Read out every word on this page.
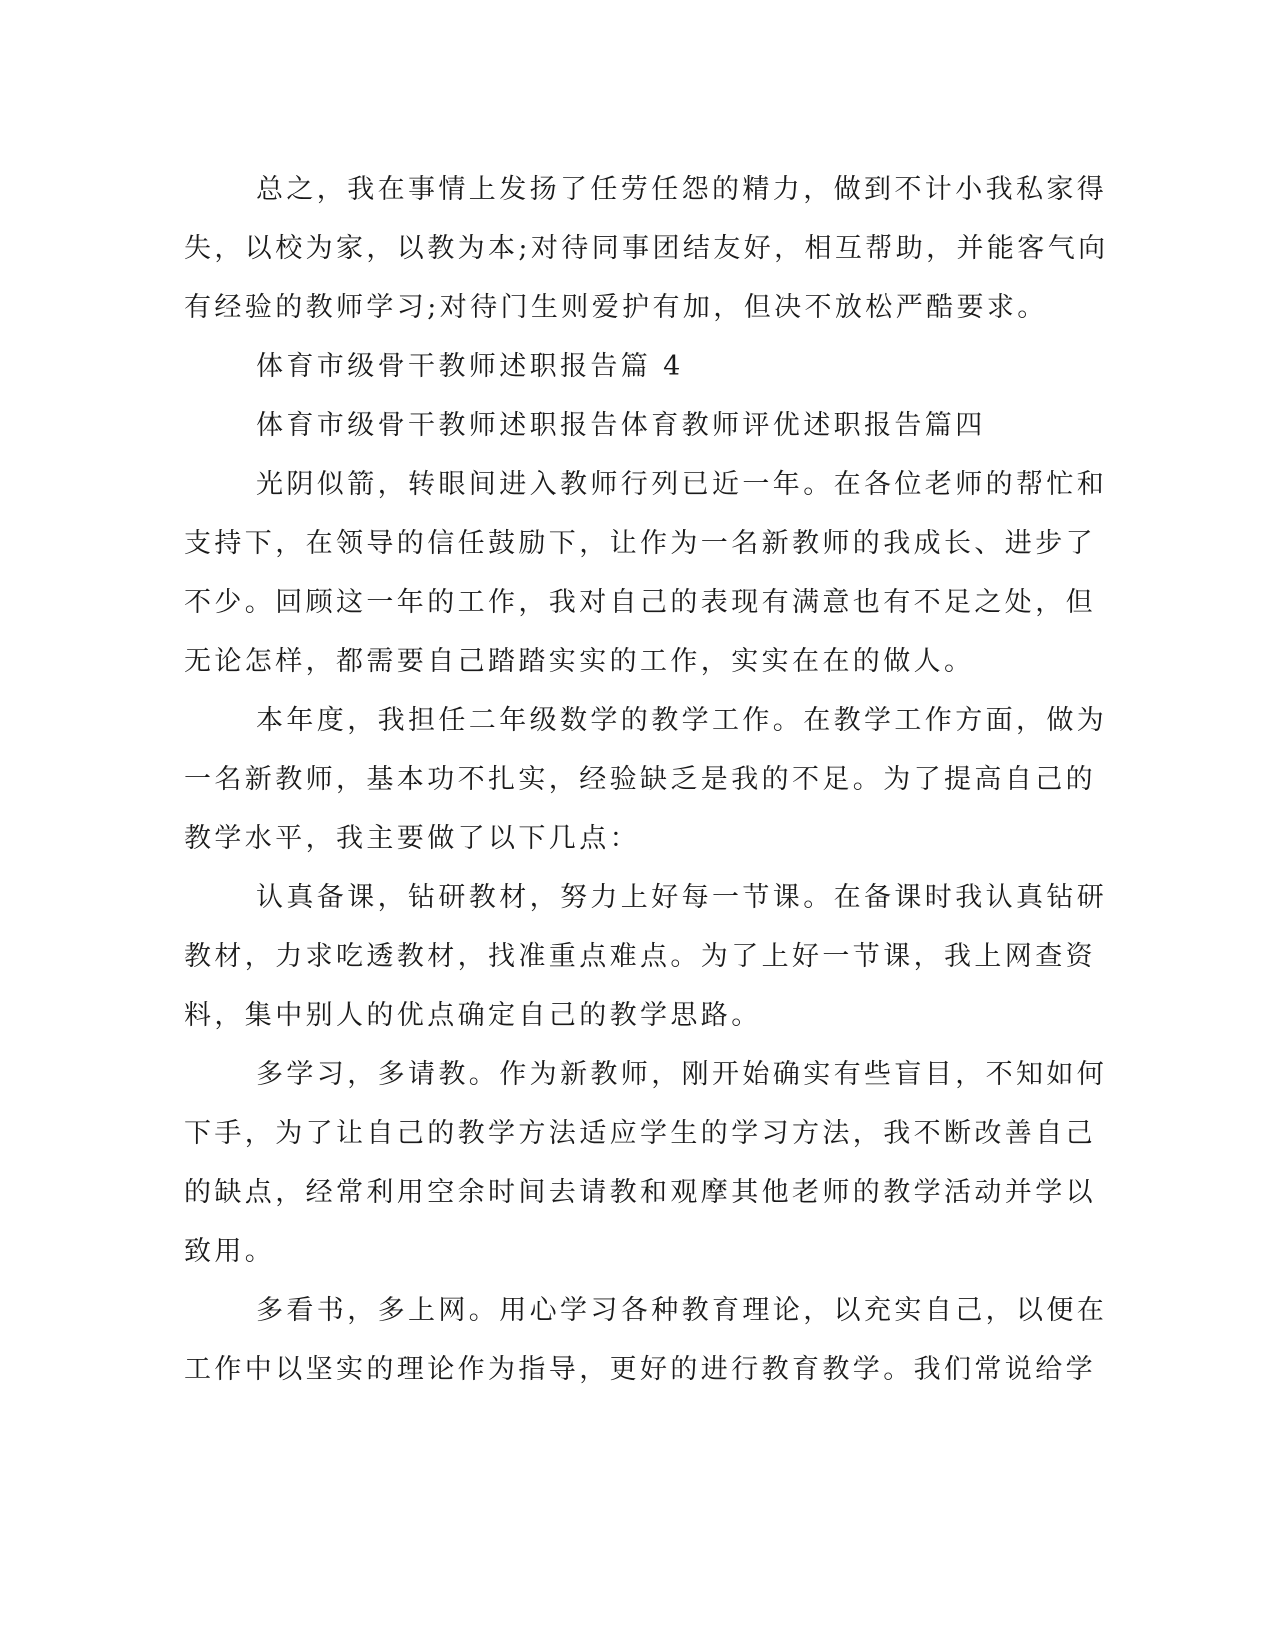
总之，我在事情上发扬了任劳任怨的精力，做到不计小我私家得
失，以校为家，以教为本;对待同事团结友好，相互帮助，并能客气向
有经验的教师学习;对待门生则爱护有加，但决不放松严酷要求。

体育市级骨干教师述职报告篇 4

体育市级骨干教师述职报告体育教师评优述职报告篇四

光阴似箭，转眼间进入教师行列已近一年。在各位老师的帮忙和
支持下，在领导的信任鼓励下，让作为一名新教师的我成长、进步了
不少。回顾这一年的工作，我对自己的表现有满意也有不足之处，但
无论怎样，都需要自己踏踏实实的工作，实实在在的做人。

本年度，我担任二年级数学的教学工作。在教学工作方面，做为
一名新教师，基本功不扎实，经验缺乏是我的不足。为了提高自己的
教学水平，我主要做了以下几点：

认真备课，钻研教材，努力上好每一节课。在备课时我认真钻研
教材，力求吃透教材，找准重点难点。为了上好一节课，我上网查资
料，集中别人的优点确定自己的教学思路。

多学习，多请教。作为新教师，刚开始确实有些盲目，不知如何
下手，为了让自己的教学方法适应学生的学习方法，我不断改善自己
的缺点，经常利用空余时间去请教和观摩其他老师的教学活动并学以
致用。

多看书，多上网。用心学习各种教育理论，以充实自己，以便在
工作中以坚实的理论作为指导，更好的进行教育教学。我们常说给学
